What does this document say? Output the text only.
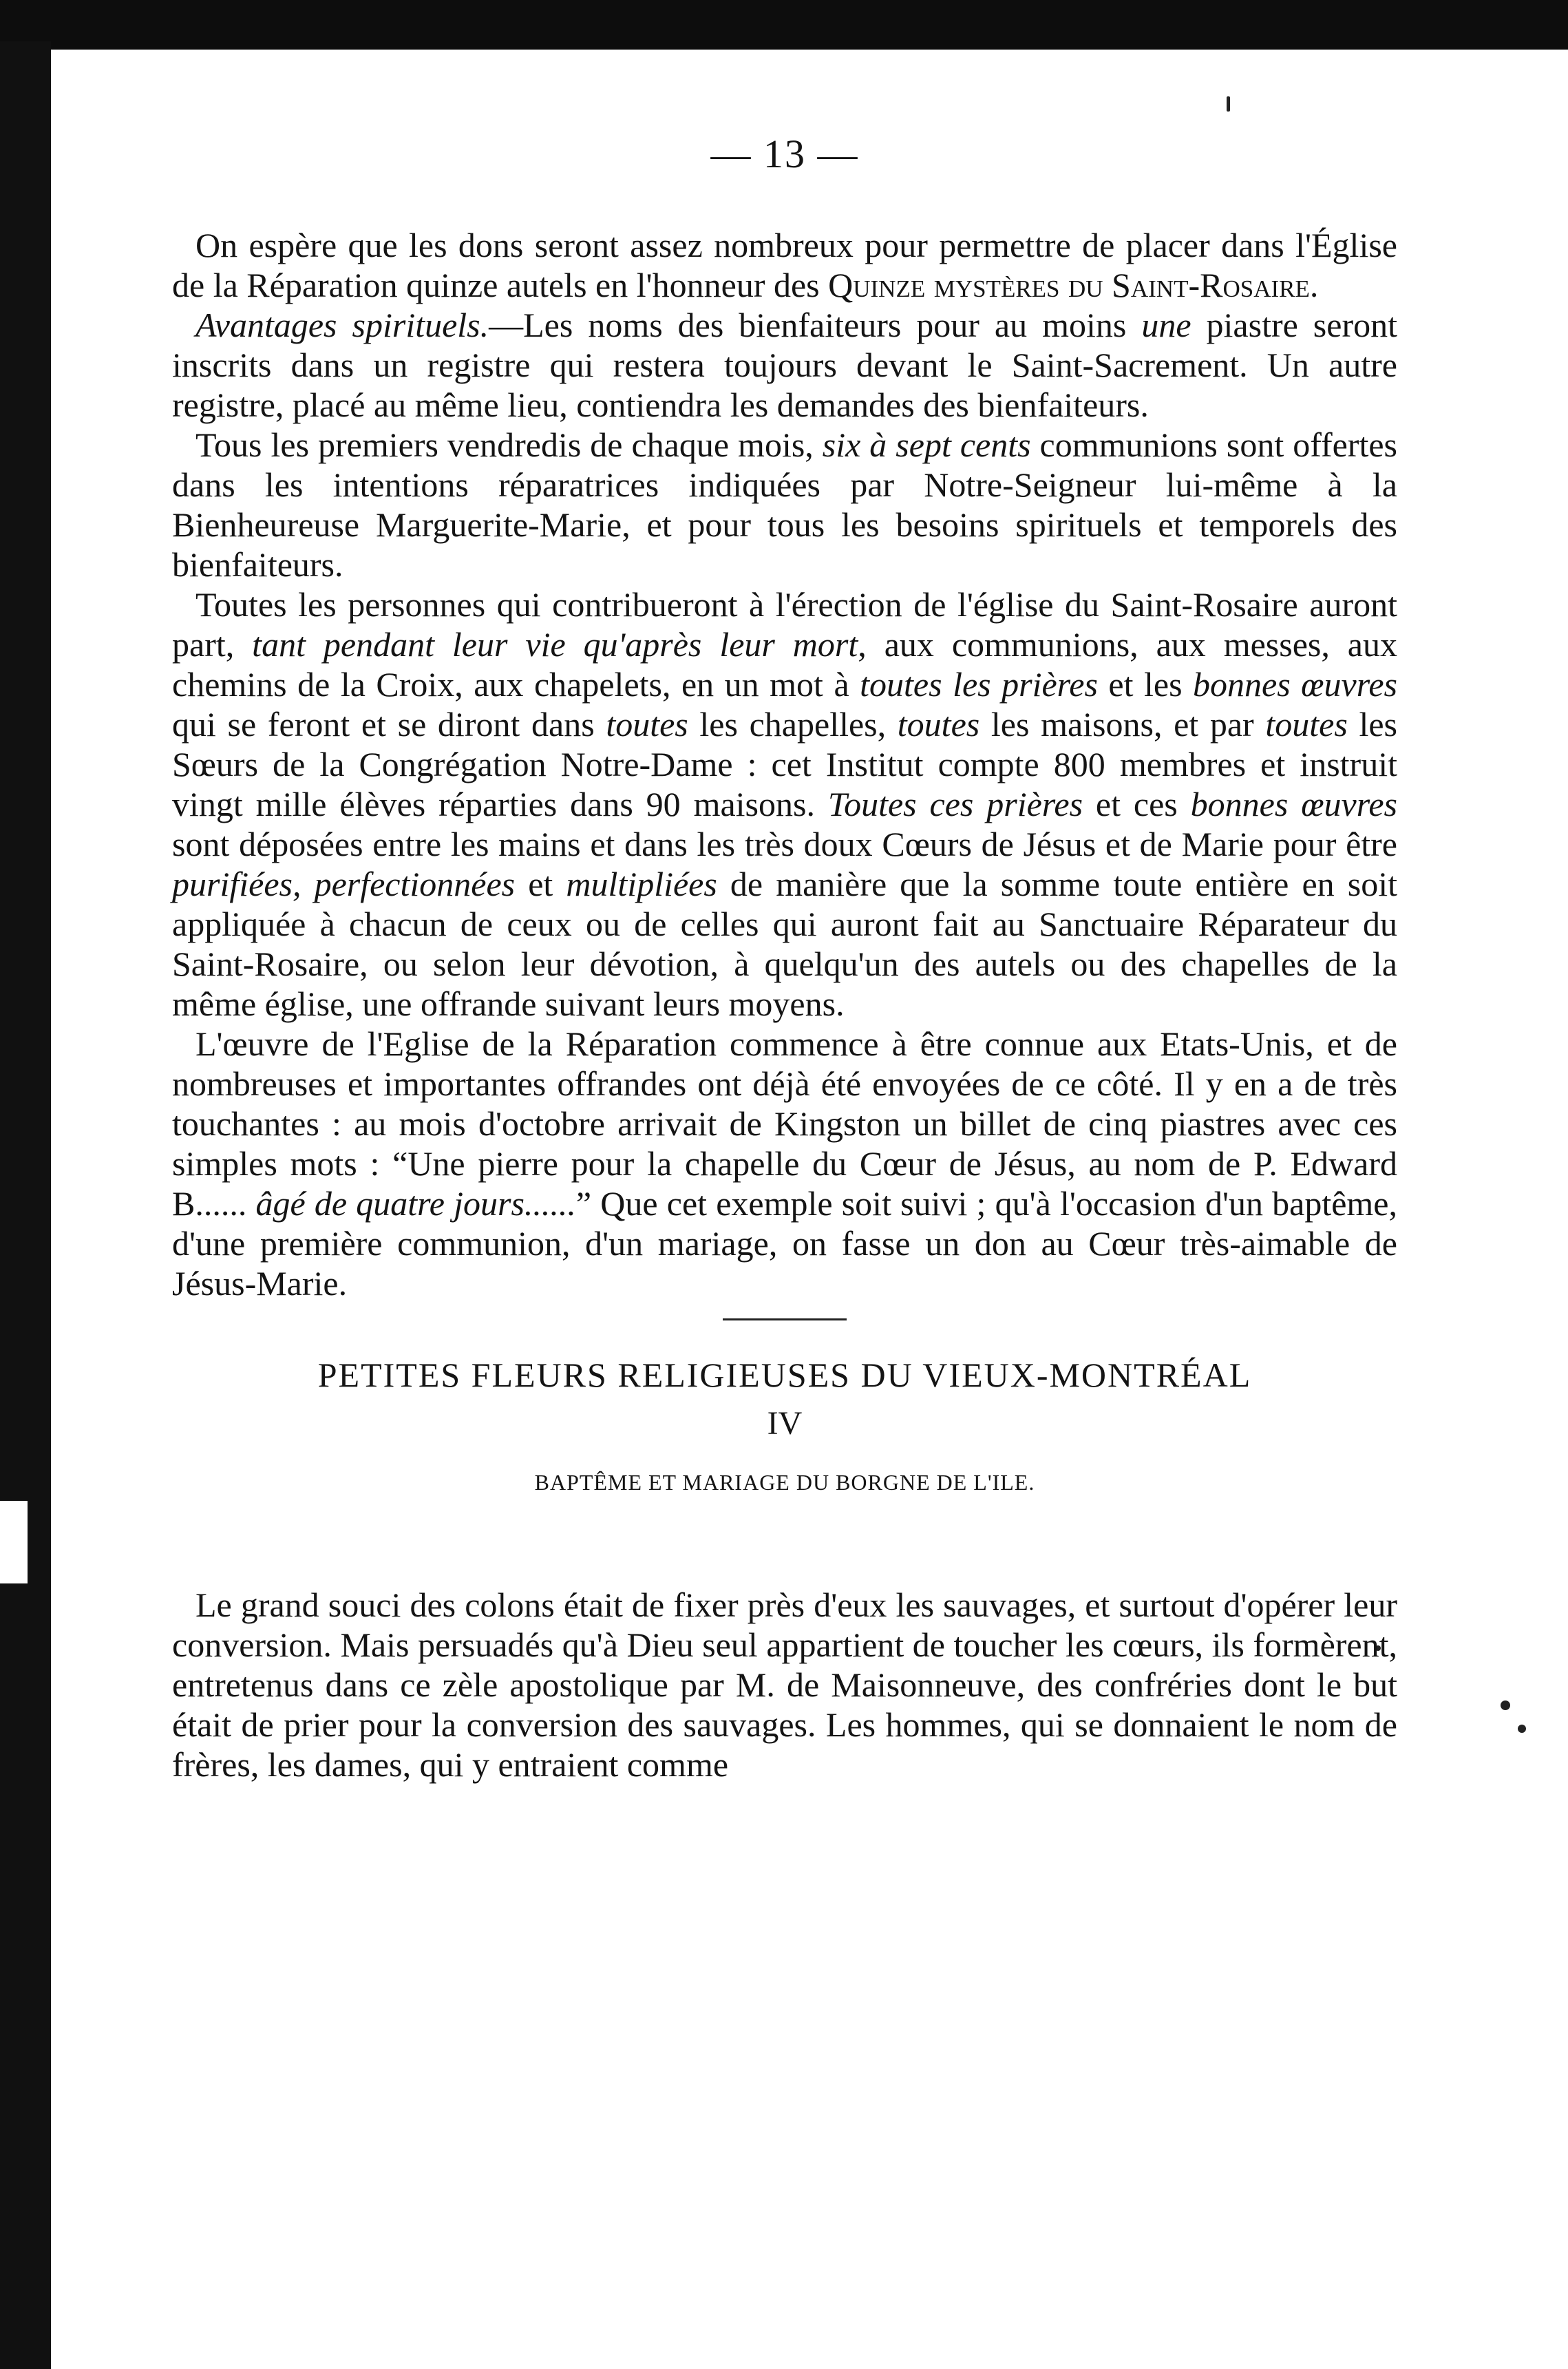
— 13 —

On espère que les dons seront assez nombreux pour permettre de placer dans l'Église de la Réparation quinze autels en l'honneur des Quinze mystères du Saint-Rosaire.

Avantages spirituels.—Les noms des bienfaiteurs pour au moins une piastre seront inscrits dans un registre qui restera toujours devant le Saint-Sacrement. Un autre registre, placé au même lieu, contiendra les demandes des bienfaiteurs.

Tous les premiers vendredis de chaque mois, six à sept cents communions sont offertes dans les intentions réparatrices indiquées par Notre-Seigneur lui-même à la Bienheureuse Marguerite-Marie, et pour tous les besoins spirituels et temporels des bienfaiteurs.

Toutes les personnes qui contribueront à l'érection de l'église du Saint-Rosaire auront part, tant pendant leur vie qu'après leur mort, aux communions, aux messes, aux chemins de la Croix, aux chapelets, en un mot à toutes les prières et les bonnes œuvres qui se feront et se diront dans toutes les chapelles, toutes les maisons, et par toutes les Sœurs de la Congrégation Notre-Dame : cet Institut compte 800 membres et instruit vingt mille élèves réparties dans 90 maisons. Toutes ces prières et ces bonnes œuvres sont déposées entre les mains et dans les très doux Cœurs de Jésus et de Marie pour être purifiées, perfectionnées et multipliées de manière que la somme toute entière en soit appliquée à chacun de ceux ou de celles qui auront fait au Sanctuaire Réparateur du Saint-Rosaire, ou selon leur dévotion, à quelqu'un des autels ou des chapelles de la même église, une offrande suivant leurs moyens.

L'œuvre de l'Eglise de la Réparation commence à être connue aux Etats-Unis, et de nombreuses et importantes offrandes ont déjà été envoyées de ce côté. Il y en a de très touchantes : au mois d'octobre arrivait de Kingston un billet de cinq piastres avec ces simples mots : “Une pierre pour la chapelle du Cœur de Jésus, au nom de P. Edward B...... âgé de quatre jours......” Que cet exemple soit suivi ; qu'à l'occasion d'un baptême, d'une première communion, d'un mariage, on fasse un don au Cœur très-aimable de Jésus-Marie.

PETITES FLEURS RELIGIEUSES DU VIEUX-MONTRÉAL
IV
BAPTÊME ET MARIAGE DU BORGNE DE L'ILE.

Le grand souci des colons était de fixer près d'eux les sauvages, et surtout d'opérer leur conversion. Mais persuadés qu'à Dieu seul appartient de toucher les cœurs, ils formèrent, entretenus dans ce zèle apostolique par M. de Maisonneuve, des confréries dont le but était de prier pour la conversion des sauvages. Les hommes, qui se donnaient le nom de frères, les dames, qui y entraient comme
